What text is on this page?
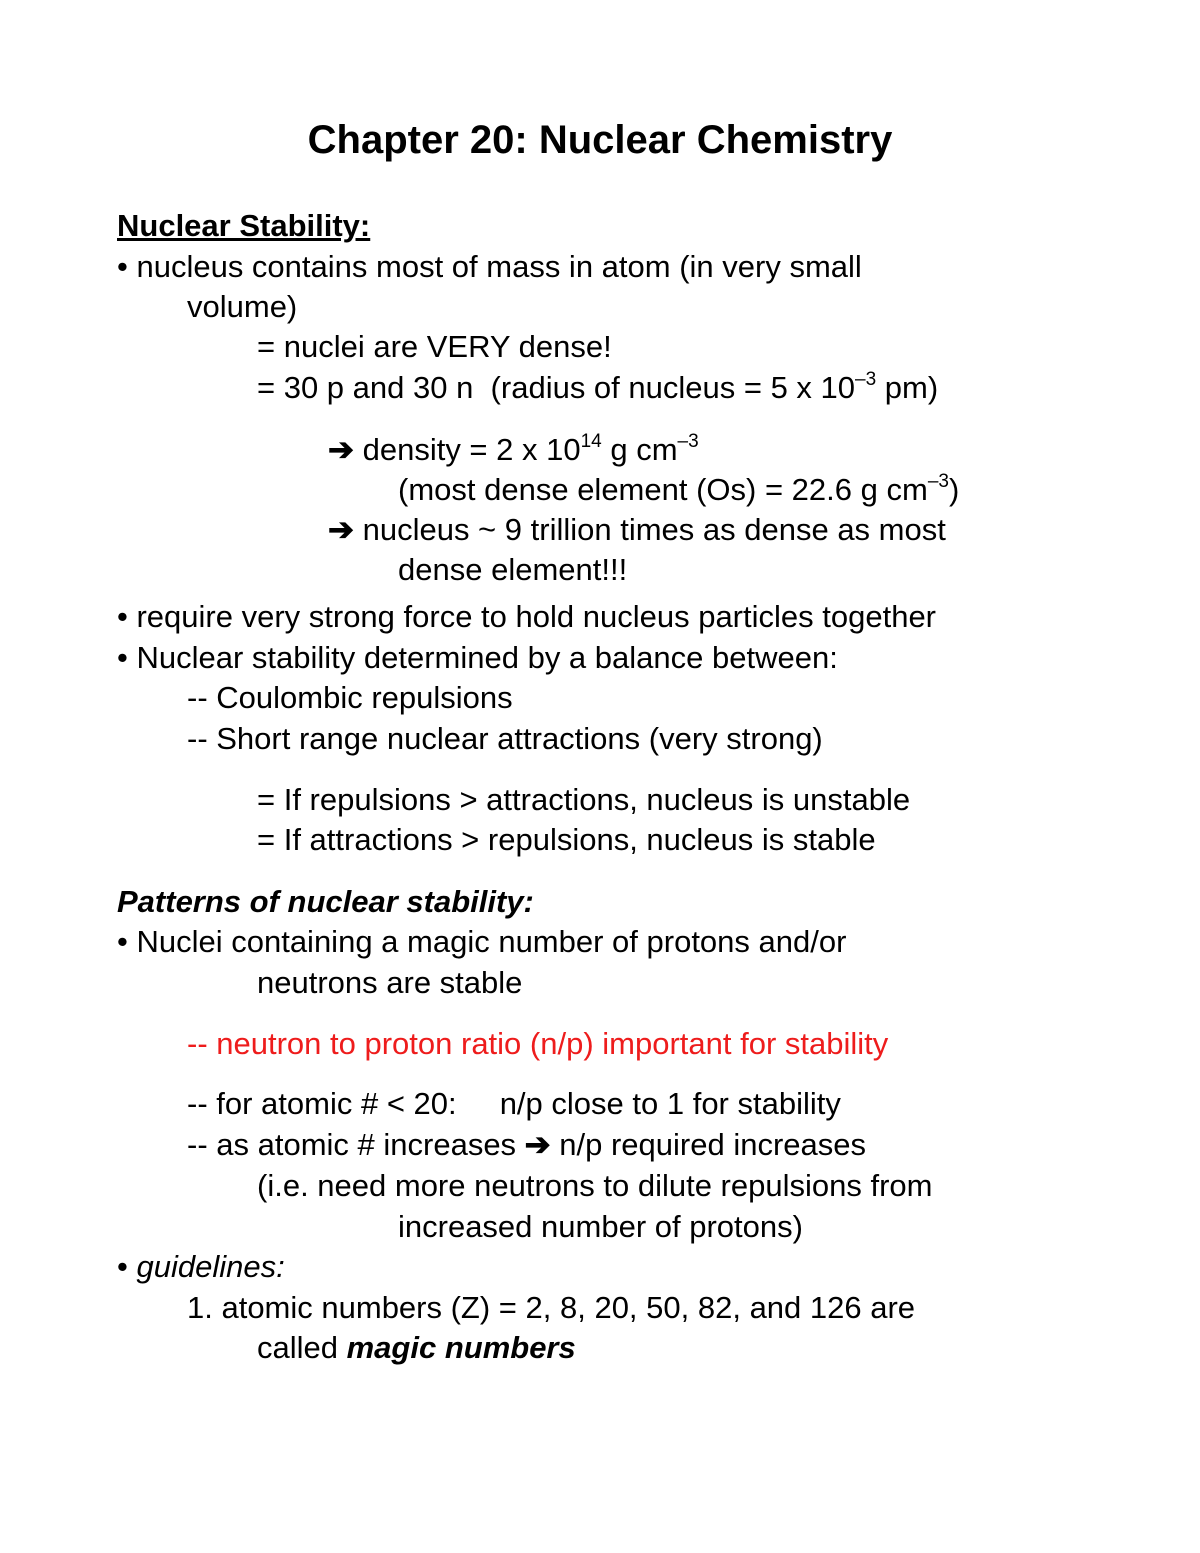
Chapter 20: Nuclear Chemistry
Nuclear Stability:
• nucleus contains most of mass in atom (in very small
volume)
= nuclei are VERY dense!
= 30 p and 30 n  (radius of nucleus = 5 x $10^{-3}$ pm)
➔ density = 2 x $10^{14}$ g $cm^{-3}$
(most dense element (Os) = 22.6 g $cm^{-3}$)
➔ nucleus ~ 9 trillion times as dense as most
dense element!!!
• require very strong force to hold nucleus particles together
• Nuclear stability determined by a balance between:
-- Coulombic repulsions
-- Short range nuclear attractions (very strong)
= If repulsions > attractions, nucleus is unstable
= If attractions > repulsions, nucleus is stable
Patterns of nuclear stability:
• Nuclei containing a magic number of protons and/or
neutrons are stable
-- neutron to proton ratio (n/p) important for stability
-- for atomic # < 20:     n/p close to 1 for stability
-- as atomic # increases ➔ n/p required increases
(i.e. need more neutrons to dilute repulsions from
increased number of protons)
• guidelines:
1. atomic numbers (Z) = 2, 8, 20, 50, 82, and 126 are
called magic numbers
